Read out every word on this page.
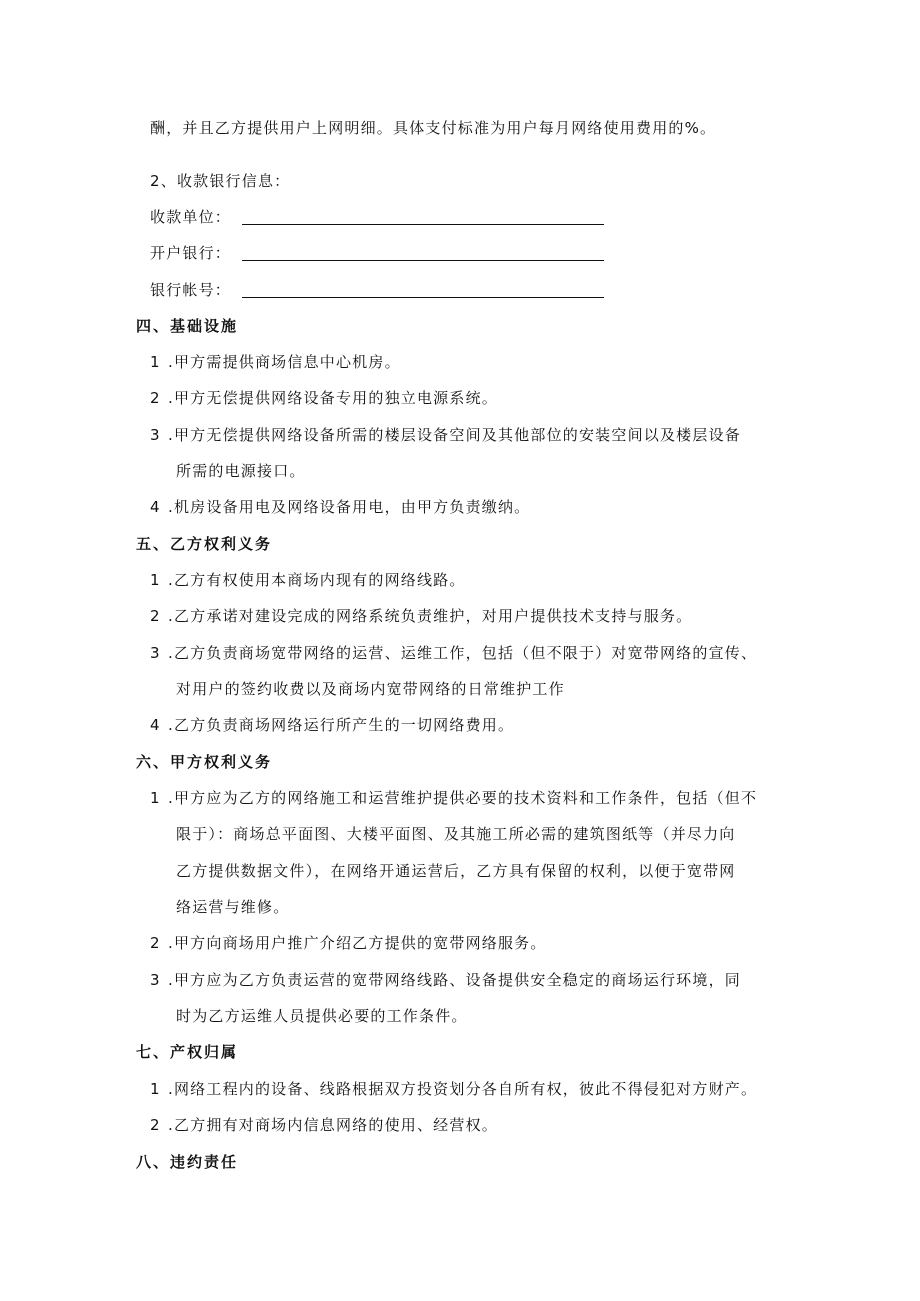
酬，并且乙方提供用户上网明细。具体支付标准为用户每月网络使用费用的%。
2、收款银行信息：
收款单位：
开户银行：
银行帐号：
四、基础设施
1 .甲方需提供商场信息中心机房。
2 .甲方无偿提供网络设备专用的独立电源系统。
3 .甲方无偿提供网络设备所需的楼层设备空间及其他部位的安装空间以及楼层设备
所需的电源接口。
4 .机房设备用电及网络设备用电，由甲方负责缴纳。
五、乙方权利义务
1 .乙方有权使用本商场内现有的网络线路。
2 .乙方承诺对建设完成的网络系统负责维护，对用户提供技术支持与服务。
3 .乙方负责商场宽带网络的运营、运维工作，包括（但不限于）对宽带网络的宣传、
对用户的签约收费以及商场内宽带网络的日常维护工作
4 .乙方负责商场网络运行所产生的一切网络费用。
六、甲方权利义务
1 .甲方应为乙方的网络施工和运营维护提供必要的技术资料和工作条件，包括（但不
限于）：商场总平面图、大楼平面图、及其施工所必需的建筑图纸等（并尽力向
乙方提供数据文件），在网络开通运营后，乙方具有保留的权利，以便于宽带网
络运营与维修。
2 .甲方向商场用户推广介绍乙方提供的宽带网络服务。
3 .甲方应为乙方负责运营的宽带网络线路、设备提供安全稳定的商场运行环境，同
时为乙方运维人员提供必要的工作条件。
七、产权归属
1 .网络工程内的设备、线路根据双方投资划分各自所有权，彼此不得侵犯对方财产。
2 .乙方拥有对商场内信息网络的使用、经营权。
八、违约责任
